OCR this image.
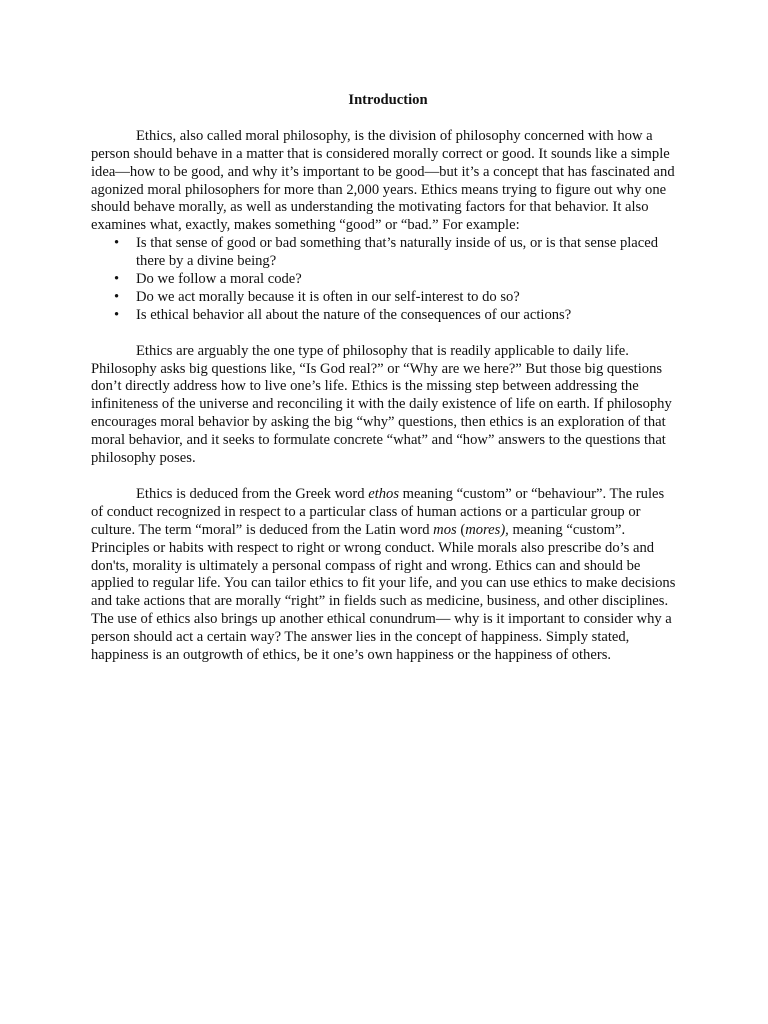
Introduction

Ethics, also called moral philosophy, is the division of philosophy concerned with how a person should behave in a matter that is considered morally correct or good. It sounds like a simple idea—how to be good, and why it’s important to be good—but it’s a concept that has fascinated and agonized moral philosophers for more than 2,000 years. Ethics means trying to figure out why one should behave morally, as well as understanding the motivating factors for that behavior. It also examines what, exactly, makes something “good” or “bad.” For example:

• Is that sense of good or bad something that’s naturally inside of us, or is that sense placed there by a divine being?
• Do we follow a moral code?
• Do we act morally because it is often in our self-interest to do so?
• Is ethical behavior all about the nature of the consequences of our actions?

Ethics are arguably the one type of philosophy that is readily applicable to daily life. Philosophy asks big questions like, “Is God real?” or “Why are we here?” But those big questions don’t directly address how to live one’s life. Ethics is the missing step between addressing the infiniteness of the universe and reconciling it with the daily existence of life on earth. If philosophy encourages moral behavior by asking the big “why” questions, then ethics is an exploration of that moral behavior, and it seeks to formulate concrete “what” and “how” answers to the questions that philosophy poses.

Ethics is deduced from the Greek word ethos meaning “custom” or “behaviour”. The rules of conduct recognized in respect to a particular class of human actions or a particular group or culture. The term “moral” is deduced from the Latin word mos (mores), meaning “custom”. Principles or habits with respect to right or wrong conduct. While morals also prescribe do’s and don'ts, morality is ultimately a personal compass of right and wrong. Ethics can and should be applied to regular life. You can tailor ethics to fit your life, and you can use ethics to make decisions and take actions that are morally “right” in fields such as medicine, business, and other disciplines. The use of ethics also brings up another ethical conundrum— why is it important to consider why a person should act a certain way? The answer lies in the concept of happiness. Simply stated, happiness is an outgrowth of ethics, be it one’s own happiness or the happiness of others.
